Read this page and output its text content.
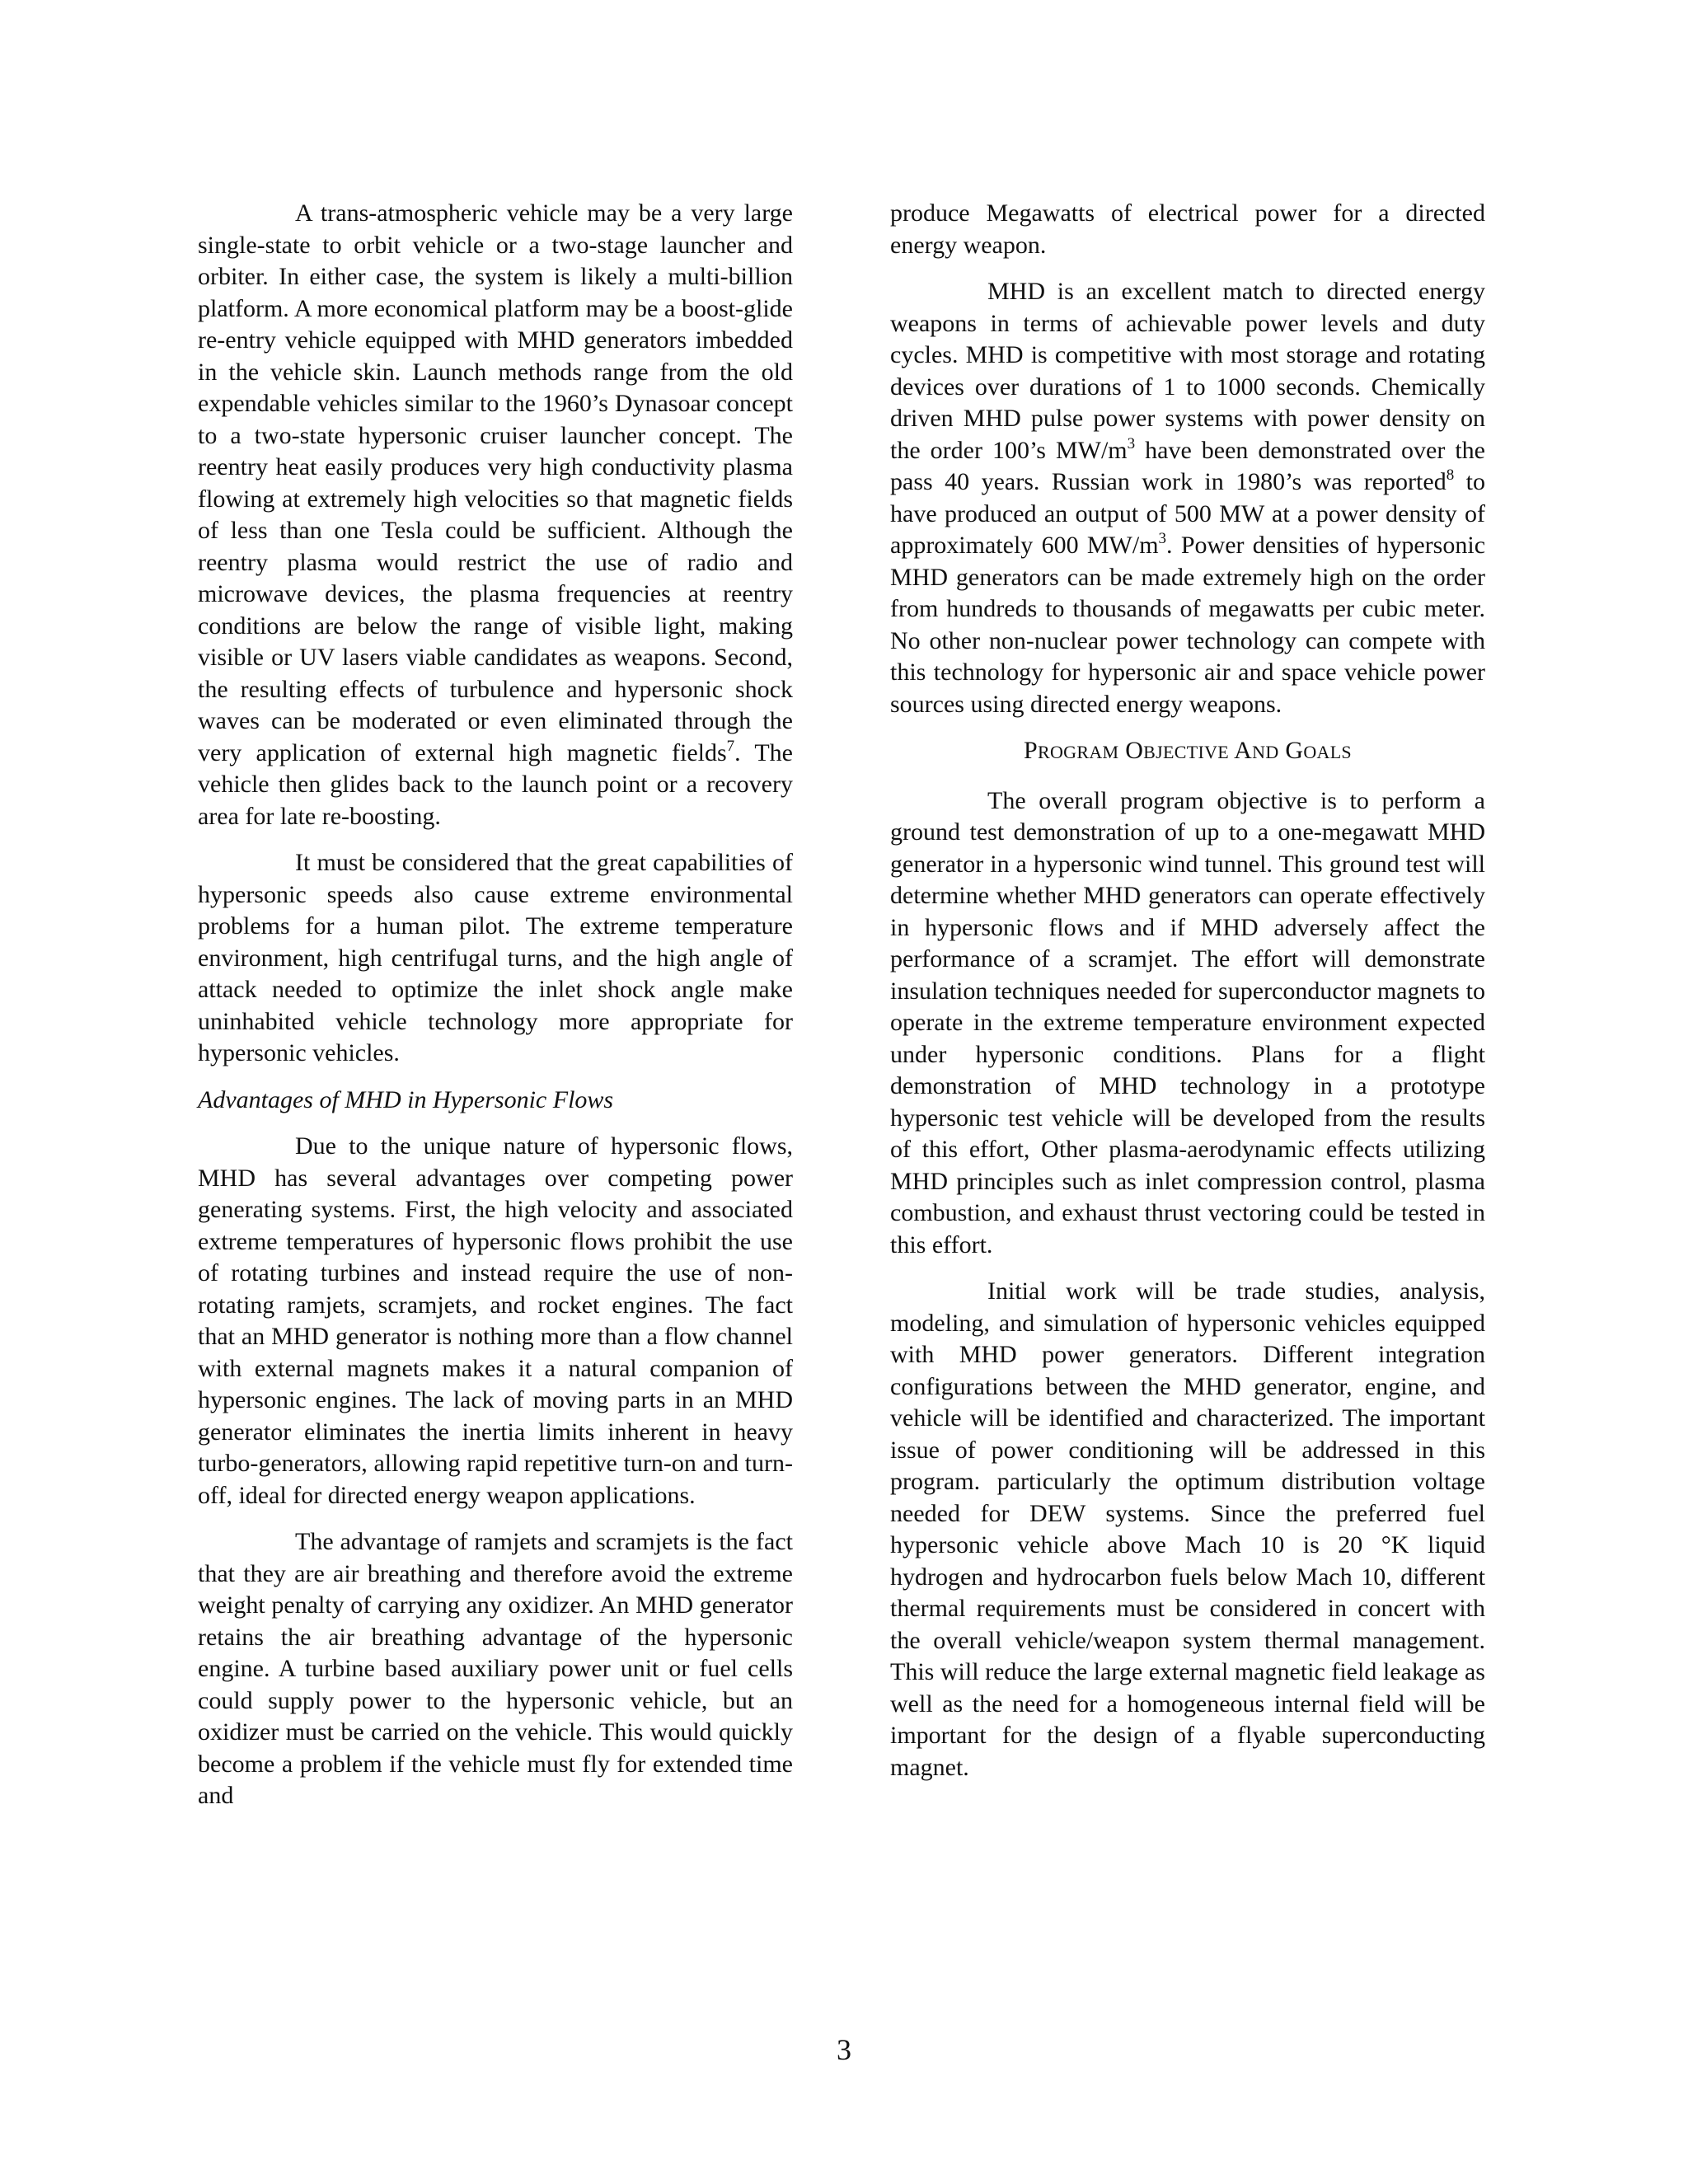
A trans-atmospheric vehicle may be a very large single-state to orbit vehicle or a two-stage launcher and orbiter. In either case, the system is likely a multi-billion platform. A more economical platform may be a boost-glide re-entry vehicle equipped with MHD generators imbedded in the vehicle skin. Launch methods range from the old expendable vehicles similar to the 1960’s Dynasoar concept to a two-state hypersonic cruiser launcher concept. The reentry heat easily produces very high conductivity plasma flowing at extremely high velocities so that magnetic fields of less than one Tesla could be sufficient. Although the reentry plasma would restrict the use of radio and microwave devices, the plasma frequencies at reentry conditions are below the range of visible light, making visible or UV lasers viable candidates as weapons. Second, the resulting effects of turbulence and hypersonic shock waves can be moderated or even eliminated through the very application of external high magnetic fields$^7$. The vehicle then glides back to the launch point or a recovery area for late re-boosting.

It must be considered that the great capabilities of hypersonic speeds also cause extreme environmental problems for a human pilot. The extreme temperature environment, high centrifugal turns, and the high angle of attack needed to optimize the inlet shock angle make uninhabited vehicle technology more appropriate for hypersonic vehicles.

Advantages of MHD in Hypersonic Flows

Due to the unique nature of hypersonic flows, MHD has several advantages over competing power generating systems. First, the high velocity and associated extreme temperatures of hypersonic flows prohibit the use of rotating turbines and instead require the use of non-rotating ramjets, scramjets, and rocket engines. The fact that an MHD generator is nothing more than a flow channel with external magnets makes it a natural companion of hypersonic engines. The lack of moving parts in an MHD generator eliminates the inertia limits inherent in heavy turbo-generators, allowing rapid repetitive turn-on and turn-off, ideal for directed energy weapon applications.

The advantage of ramjets and scramjets is the fact that they are air breathing and therefore avoid the extreme weight penalty of carrying any oxidizer. An MHD generator retains the air breathing advantage of the hypersonic engine. A turbine based auxiliary power unit or fuel cells could supply power to the hypersonic vehicle, but an oxidizer must be carried on the vehicle. This would quickly become a problem if the vehicle must fly for extended time and

produce Megawatts of electrical power for a directed energy weapon.

MHD is an excellent match to directed energy weapons in terms of achievable power levels and duty cycles. MHD is competitive with most storage and rotating devices over durations of 1 to 1000 seconds. Chemically driven MHD pulse power systems with power density on the order 100’s $MW/m^3$ have been demonstrated over the pass 40 years. Russian work in 1980’s was reported$^8$ to have produced an output of 500 MW at a power density of approximately 600 $MW/m^3$. Power densities of hypersonic MHD generators can be made extremely high on the order from hundreds to thousands of megawatts per cubic meter. No other non-nuclear power technology can compete with this technology for hypersonic air and space vehicle power sources using directed energy weapons.

PROGRAM OBJECTIVE AND GOALS

The overall program objective is to perform a ground test demonstration of up to a one-megawatt MHD generator in a hypersonic wind tunnel. This ground test will determine whether MHD generators can operate effectively in hypersonic flows and if MHD adversely affect the performance of a scramjet. The effort will demonstrate insulation techniques needed for superconductor magnets to operate in the extreme temperature environment expected under hypersonic conditions. Plans for a flight demonstration of MHD technology in a prototype hypersonic test vehicle will be developed from the results of this effort, Other plasma-aerodynamic effects utilizing MHD principles such as inlet compression control, plasma combustion, and exhaust thrust vectoring could be tested in this effort.

Initial work will be trade studies, analysis, modeling, and simulation of hypersonic vehicles equipped with MHD power generators. Different integration configurations between the MHD generator, engine, and vehicle will be identified and characterized. The important issue of power conditioning will be addressed in this program. particularly the optimum distribution voltage needed for DEW systems. Since the preferred fuel hypersonic vehicle above Mach 10 is 20 °K liquid hydrogen and hydrocarbon fuels below Mach 10, different thermal requirements must be considered in concert with the overall vehicle/weapon system thermal management. This will reduce the large external magnetic field leakage as well as the need for a homogeneous internal field will be important for the design of a flyable superconducting magnet.

3
